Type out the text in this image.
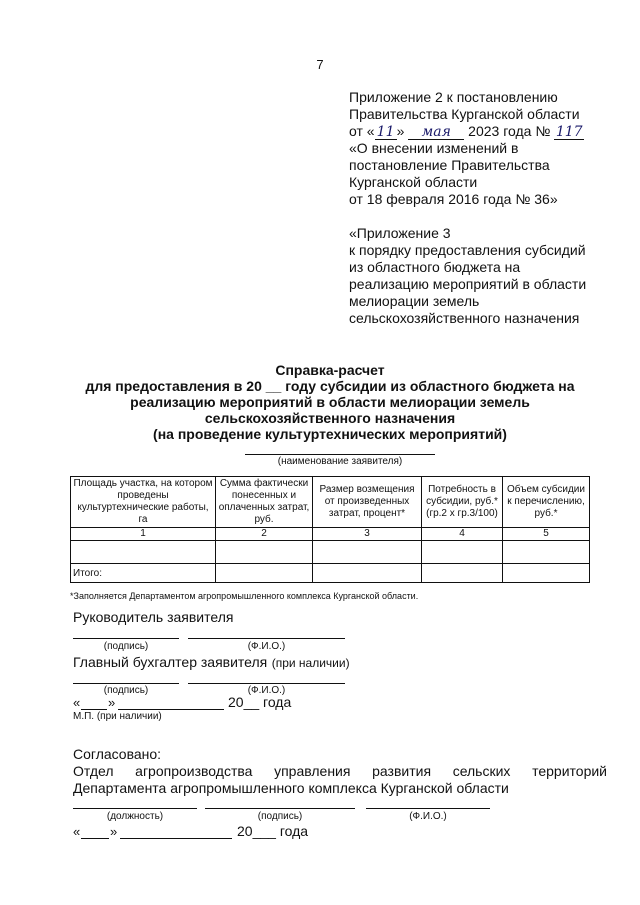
7
Приложение 2 к постановлению
Правительства Курганской области
от « 11 » мая 2023 года № 117
«О внесении изменений в
постановление Правительства
Курганской области
от 18 февраля 2016 года № 36»
«Приложение 3
к порядку предоставления субсидий
из областного бюджета на
реализацию мероприятий в области
мелиорации земель
сельскохозяйственного назначения
Справка-расчет
для предоставления в 20 __ году субсидии из областного бюджета на
реализацию мероприятий в области мелиорации земель
сельскохозяйственного назначения
(на проведение культуртехнических мероприятий)
(наименование заявителя)
Площадь участка, на котором проведены культуртехнические работы, га	Сумма фактически понесенных и оплаченных затрат, руб.	Размер возмещения от произведенных затрат, процент*	Потребность в субсидии, руб.* (гр.2 x гр.3/100)	Объем субсидии к перечислению, руб.*
1	2	3	4	5

Итого:				
*Заполняется Департаментом агропромышленного комплекса Курганской области.
Руководитель заявителя
(подпись)	(Ф.И.О.)
Главный бухгалтер заявителя (при наличии)
(подпись)	(Ф.И.О.)
« »	20__ года
М.П. (при наличии)
Согласовано:
Отдел агропроизводства управления развития сельских территорий
Департамента агропромышленного комплекса Курганской области
(должность)	(подпись)	(Ф.И.О.)
« »	20___ года
